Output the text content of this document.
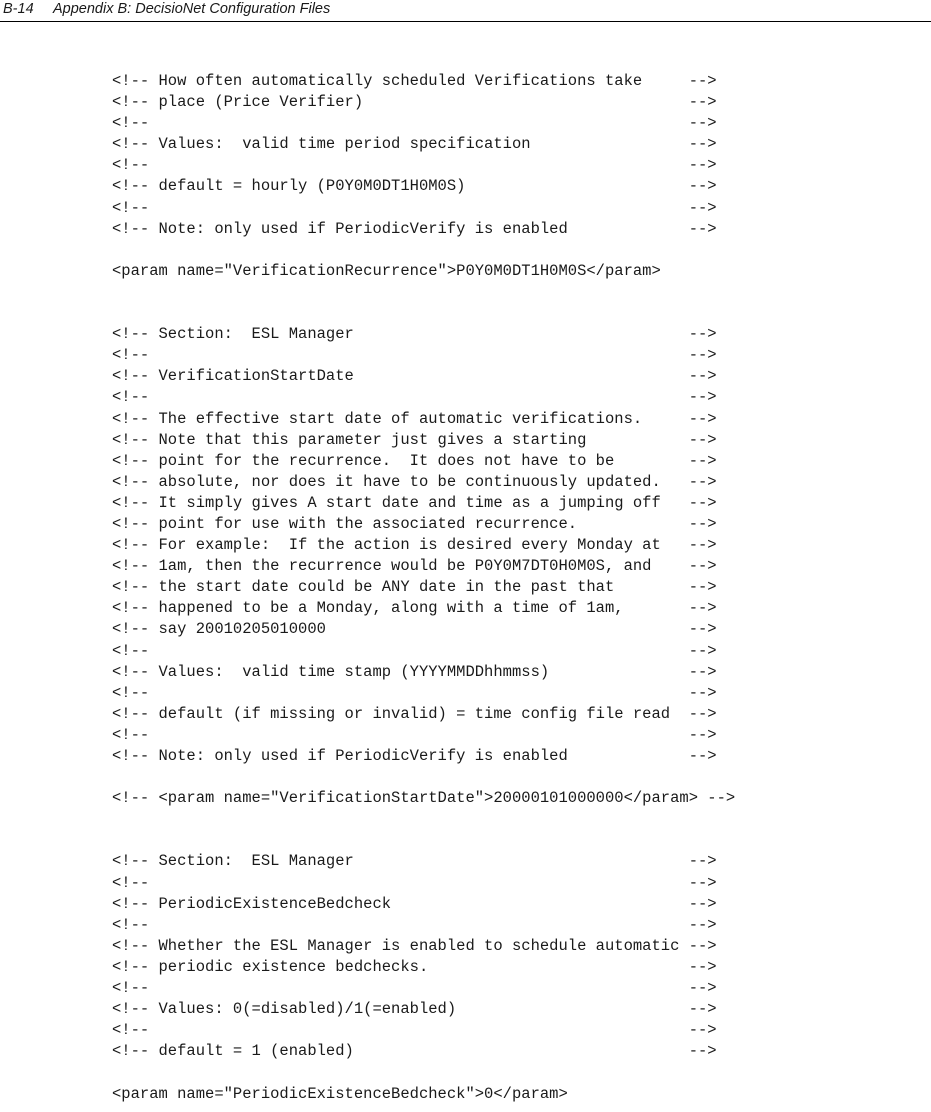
B-14 Appendix B: DecisioNet Configuration Files
<!-- How often automatically scheduled Verifications take     -->
<!-- place (Price Verifier)                                   -->
<!--                                                          -->
<!-- Values:  valid time period specification                 -->
<!--                                                          -->
<!-- default = hourly (P0Y0M0DT1H0M0S)                        -->
<!--                                                          -->
<!-- Note: only used if PeriodicVerify is enabled             -->
<param name="VerificationRecurrence">P0Y0M0DT1H0M0S</param>
<!-- Section:  ESL Manager                                    -->
<!--                                                          -->
<!-- VerificationStartDate                                    -->
<!--                                                          -->
<!-- The effective start date of automatic verifications.     -->
<!-- Note that this parameter just gives a starting           -->
<!-- point for the recurrence.  It does not have to be        -->
<!-- absolute, nor does it have to be continuously updated.   -->
<!-- It simply gives A start date and time as a jumping off   -->
<!-- point for use with the associated recurrence.            -->
<!-- For example:  If the action is desired every Monday at   -->
<!-- 1am, then the recurrence would be P0Y0M7DT0H0M0S, and    -->
<!-- the start date could be ANY date in the past that        -->
<!-- happened to be a Monday, along with a time of 1am,       -->
<!-- say 20010205010000                                       -->
<!--                                                          -->
<!-- Values:  valid time stamp (YYYYMMDDhhmmss)               -->
<!--                                                          -->
<!-- default (if missing or invalid) = time config file read  -->
<!--                                                          -->
<!-- Note: only used if PeriodicVerify is enabled             -->
<!-- <param name="VerificationStartDate">20000101000000</param> -->
<!-- Section:  ESL Manager                                    -->
<!--                                                          -->
<!-- PeriodicExistenceBedcheck                                -->
<!--                                                          -->
<!-- Whether the ESL Manager is enabled to schedule automatic -->
<!-- periodic existence bedchecks.                            -->
<!--                                                          -->
<!-- Values: 0(=disabled)/1(=enabled)                         -->
<!--                                                          -->
<!-- default = 1 (enabled)                                    -->
<param name="PeriodicExistenceBedcheck">0</param>
